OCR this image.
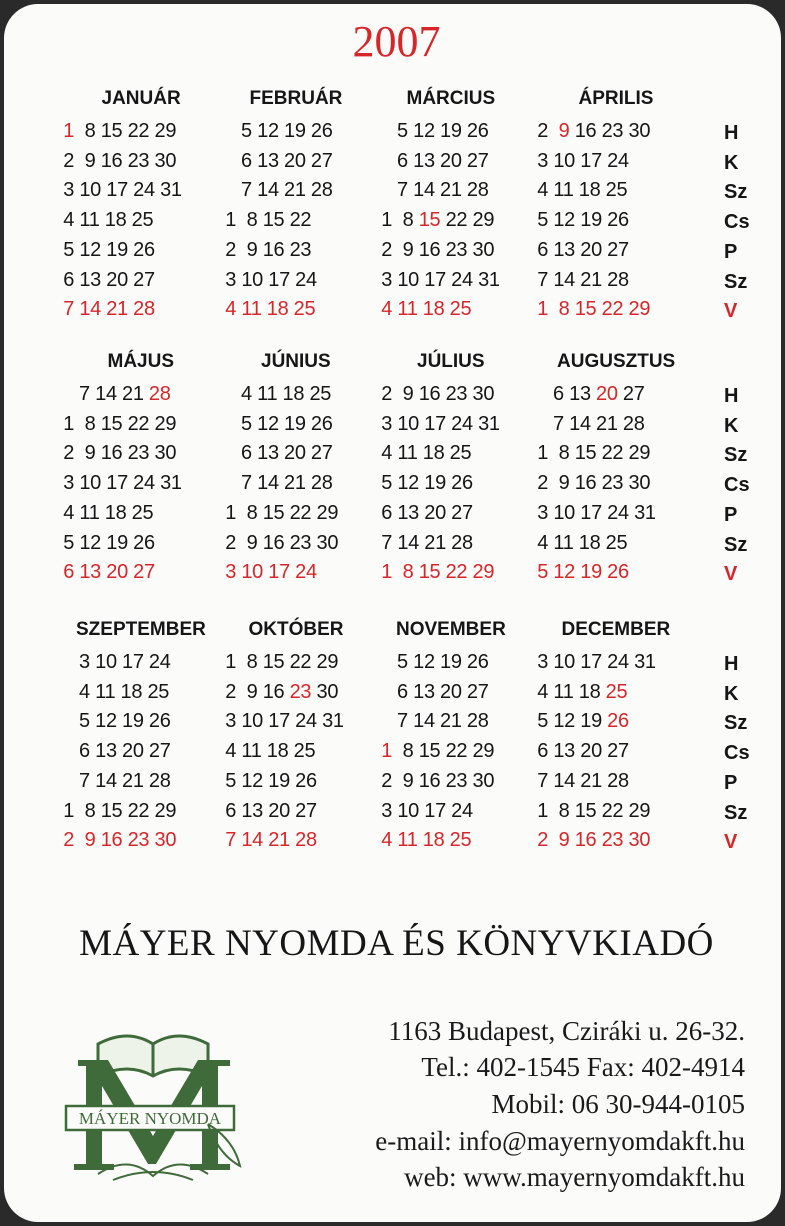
2007
JANUÁR
1  8 15 22 29
2  9 16 23 30
3 10 17 24 31
4 11 18 25
5 12 19 26
6 13 20 27
7 14 21 28
FEBRUÁR
5 12 19 26
6 13 20 27
7 14 21 28
1  8 15 22
2  9 16 23
3 10 17 24
4 11 18 25
MÁRCIUS
5 12 19 26
6 13 20 27
7 14 21 28
1  8 15 22 29
2  9 16 23 30
3 10 17 24 31
4 11 18 25
ÁPRILIS
2  9 16 23 30
3 10 17 24
4 11 18 25
5 12 19 26
6 13 20 27
7 14 21 28
1  8 15 22 29
H
K
Sz
Cs
P
Sz
V
MÁJUS
7 14 21 28
1  8 15 22 29
2  9 16 23 30
3 10 17 24 31
4 11 18 25
5 12 19 26
6 13 20 27
JÚNIUS
4 11 18 25
5 12 19 26
6 13 20 27
7 14 21 28
1  8 15 22 29
2  9 16 23 30
3 10 17 24
JÚLIUS
2  9 16 23 30
3 10 17 24 31
4 11 18 25
5 12 19 26
6 13 20 27
7 14 21 28
1  8 15 22 29
AUGUSZTUS
6 13 20 27
7 14 21 28
1  8 15 22 29
2  9 16 23 30
3 10 17 24 31
4 11 18 25
5 12 19 26
H
K
Sz
Cs
P
Sz
V
SZEPTEMBER
3 10 17 24
4 11 18 25
5 12 19 26
6 13 20 27
7 14 21 28
1  8 15 22 29
2  9 16 23 30
OKTÓBER
1  8 15 22 29
2  9 16 23 30
3 10 17 24 31
4 11 18 25
5 12 19 26
6 13 20 27
7 14 21 28
NOVEMBER
5 12 19 26
6 13 20 27
7 14 21 28
1  8 15 22 29
2  9 16 23 30
3 10 17 24
4 11 18 25
DECEMBER
3 10 17 24 31
4 11 18 25
5 12 19 26
6 13 20 27
7 14 21 28
1  8 15 22 29
2  9 16 23 30
H
K
Sz
Cs
P
Sz
V
MÁYER NYOMDA ÉS KÖNYVKIADÓ
MÁYER NYOMDA
1163 Budapest, Cziráki u. 26-32.
Tel.: 402-1545 Fax: 402-4914
Mobil: 06 30-944-0105
e-mail: info@mayernyomdakft.hu
web: www.mayernyomdakft.hu
